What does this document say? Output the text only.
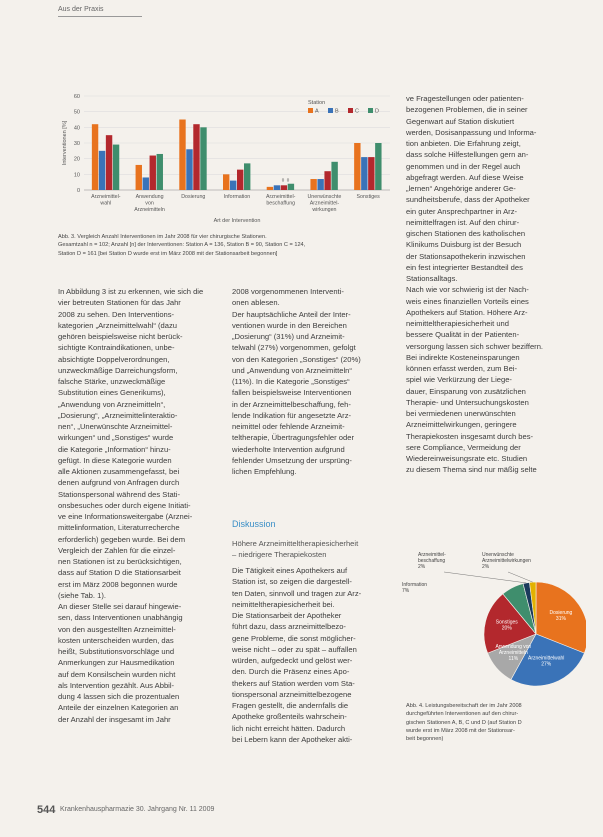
Aus der Praxis
0
10
20
30
40
50
60
Interventionen [%]
Arzneimittel-
wahl
Anwendung
von
Arzneimitteln
Dosierung	Information	Arzneimittel-
beschaffung
Unerwünschte
Arzneimittel-
wirkungen
Sonstiges
0 0
Art der Intervention
Station
A	B	C	D
Abb. 3. Vergleich Anzahl Interventionen im Jahr 2008 für vier chirurgische Stationen.
Gesamtzahl n = 102; Anzahl [n] der Interventionen: Station A = 136, Station B = 90, Station C = 124,
Station D = 161 [bei Station D wurde erst im März 2008 mit der Stationsarbeit begonnen]

In Abbildung 3 ist zu erkennen, wie sich die

vier betreuten Stationen für das Jahr

2008 zu sehen. Den Interventions-

kategorien „Arzneimittelwahl“ (dazu

gehören beispielsweise nicht berück-

sichtigte Kontraindikationen, unbe-

absichtigte Doppelverordnungen,

unzweckmäßige Darreichungsform,

falsche Stärke, unzweckmäßige

Substitution eines Generikums),

„Anwendung von Arzneimitteln“,

„Dosierung“, „Arzneimittelinteraktio-

nen“, „Unerwünschte Arzneimittel-

wirkungen“ und „Sonstiges“ wurde

die Kategorie „Information“ hinzu-

gefügt. In diese Kategorie wurden

alle Aktionen zusammengefasst, bei

denen aufgrund von Anfragen durch

Stationspersonal während des Stati-

onsbesuches oder durch eigene Initiati-

ve eine Informationsweitergabe (Arznei-

mittelinformation, Literaturrecherche

erforderlich) gegeben wurde. Bei dem

Vergleich der Zahlen für die einzel-

nen Stationen ist zu berücksichtigen,

dass auf Station D die Stationsarbeit

erst im März 2008 begonnen wurde

(siehe Tab. 1).

An dieser Stelle sei darauf hingewie-

sen, dass Interventionen unabhängig

von den ausgestellten Arzneimittel-

kosten unterscheiden wurden, das

heißt, Substitutionsvorschläge und

Anmerkungen zur Hausmedikation

auf dem Konsilschein wurden nicht

als Intervention gezählt. Aus Abbil-

dung 4 lassen sich die prozentualen

Anteile der einzelnen Kategorien an

der Anzahl der insgesamt im Jahr

2008 vorgenommenen Interventi-

onen ablesen.

Der hauptsächliche Anteil der Inter-

ventionen wurde in den Bereichen

„Dosierung“ (31%) und Arzneimit-

telwahl (27%) vorgenommen, gefolgt

von den Kategorien „Sonstiges“ (20%)

und „Anwendung von Arzneimitteln“

(11%). In die Kategorie „Sonstiges“

fallen beispielsweise Interventionen

in der Arzneimittelbeschaffung, feh-

lende Indikation für angesetzte Arz-

neimittel oder fehlende Arzneimit-

teltherapie, Übertragungsfehler oder

wiederholte Intervention aufgrund

fehlender Umsetzung der ursprüng-

lichen Empfehlung.

Diskussion
Höhere Arzneimitteltherapiesicherheit
– niedrigere Therapiekosten

Die Tätigkeit eines Apothekers auf

Station ist, so zeigen die dargestell-

ten Daten, sinnvoll und tragen zur Arz-

neimitteltherapiesicherheit bei.

Die Stationsarbeit der Apotheker

führt dazu, dass arzneimittelbezo-

gene Probleme, die sonst möglicher-

weise nicht – oder zu spät – auffallen

würden, aufgedeckt und gelöst wer-

den. Durch die Präsenz eines Apo-

thekers auf Station werden vom Sta-

tionspersonal arzneimittelbezogene

Fragen gestellt, die andernfalls die

Apotheke großenteils wahrschein-

lich nicht erreicht hätten. Dadurch

bei Lebern kann der Apotheker akti-

ve Fragestellungen oder patienten-

bezogenen Problemen, die in seiner

Gegenwart auf Station diskutiert

werden, Dosisanpassung und Informa-

tion anbieten. Die Erfahrung zeigt,

dass solche Hilfestellungen gern an-

genommen und in der Regel auch

abgefragt werden. Auf diese Weise

„lernen“ Angehörige anderer Ge-

sundheitsberufe, dass der Apotheker

ein guter Ansprechpartner in Arz-

neimittelfragen ist. Auf den chirur-

gischen Stationen des katholischen

Klinikums Duisburg ist der Besuch

der Stationsapothekerin inzwischen

ein fest integrierter Bestandteil des

Stationsalltags.

Nach wie vor schwierig ist der Nach-

weis eines finanziellen Vorteils eines

Apothekers auf Station. Höhere Arz-

neimitteltherapiesicherheit und

bessere Qualität in der Patienten-

versorgung lassen sich schwer beziffern.

Bei indirekte Kosteneinsparungen

können erfasst werden, zum Bei-

spiel wie Verkürzung der Liege-

dauer, Einsparung von zusätzlichen

Therapie- und Untersuchungskosten

bei vermiedenen unerwünschten

Arzneimittelwirkungen, geringere

Therapiekosten insgesamt durch bes-

sere Compliance, Vermeidung der

Wiedereinweisungsrate etc. Studien

zu diesem Thema sind nur mäßig selte

Dosierung
31%
Arzneimittelwahl
27%
Anwendung von
Arzneimitteln
11%
Sonstiges
20%
Arzneimittel-
beschaffung
2%
Unerwünschte
Arzneimittelwirkungen
2%
Information
7%
Abb. 4. Leistungsbereitschaft der im Jahr 2008
durchgeführten Interventionen auf den chirur-
gischen Stationen A, B, C und D (auf Station D
wurde erst im März 2008 mit der Stationsar-
beit begonnen)
544 Krankenhauspharmazie 30. Jahrgang Nr. 11 2009
